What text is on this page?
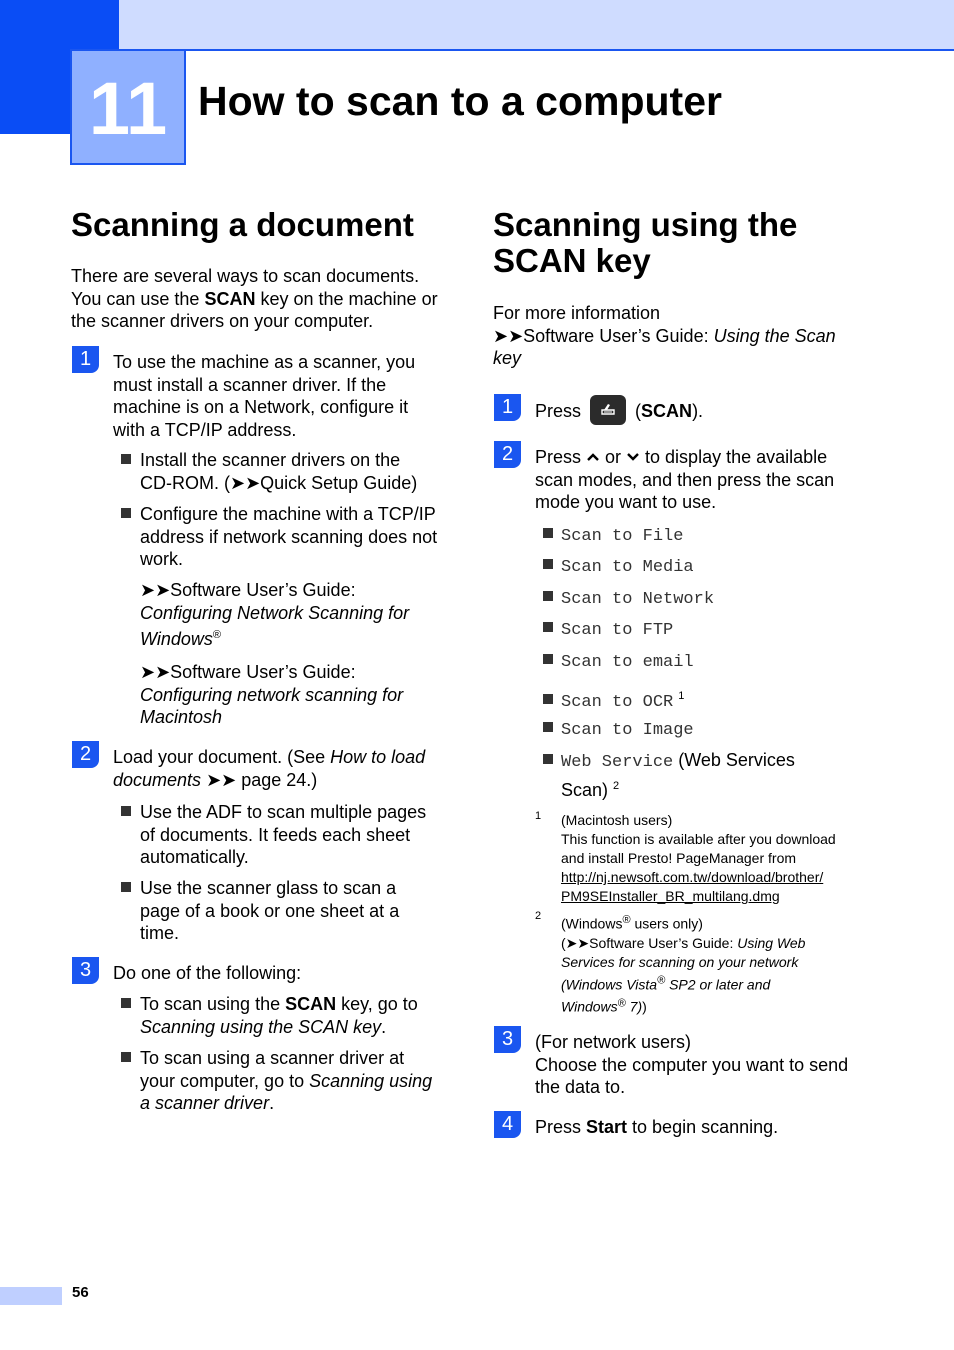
11 How to scan to a computer
Scanning a document
There are several ways to scan documents.
You can use the SCAN key on the machine or
the scanner drivers on your computer.
1	To use the machine as a scanner, you
must install a scanner driver. If the
machine is on a Network, configure it
with a TCP/IP address.
Install the scanner drivers on the
CD-ROM. (➤➤Quick Setup Guide)
Configure the machine with a TCP/IP
address if network scanning does not
work.
➤➤Software User’s Guide:
Configuring Network Scanning for
Windows®
➤➤Software User’s Guide:
Configuring network scanning for
Macintosh
2	Load your document. (See How to load
documents ➤➤ page 24.)
Use the ADF to scan multiple pages
of documents. It feeds each sheet
automatically.
Use the scanner glass to scan a
page of a book or one sheet at a
time.
3	Do one of the following:
To scan using the SCAN key, go to
Scanning using the SCAN key.
To scan using a scanner driver at
your computer, go to Scanning using
a scanner driver.
Scanning using the
SCAN key
For more information
➤➤Software User’s Guide: Using the Scan
key
1	Press	(SCAN).
2	Press  or  to display the available
scan modes, and then press the scan
mode you want to use.
Scan to File
Scan to Media
Scan to Network
Scan to FTP
Scan to email
Scan to OCR $^1$
Scan to Image
Web Service (Web Services
Scan) $^2$
1 (Macintosh users)
This function is available after you download
and install Presto! PageManager from
http://nj.newsoft.com.tw/download/brother/
PM9SEInstaller_BR_multilang.dmg
2 (Windows® users only)
(➤➤Software User’s Guide: Using Web
Services for scanning on your network
(Windows Vista® SP2 or later and
Windows® 7))
3	(For network users)
Choose the computer you want to send
the data to.
4	Press Start to begin scanning.
56
